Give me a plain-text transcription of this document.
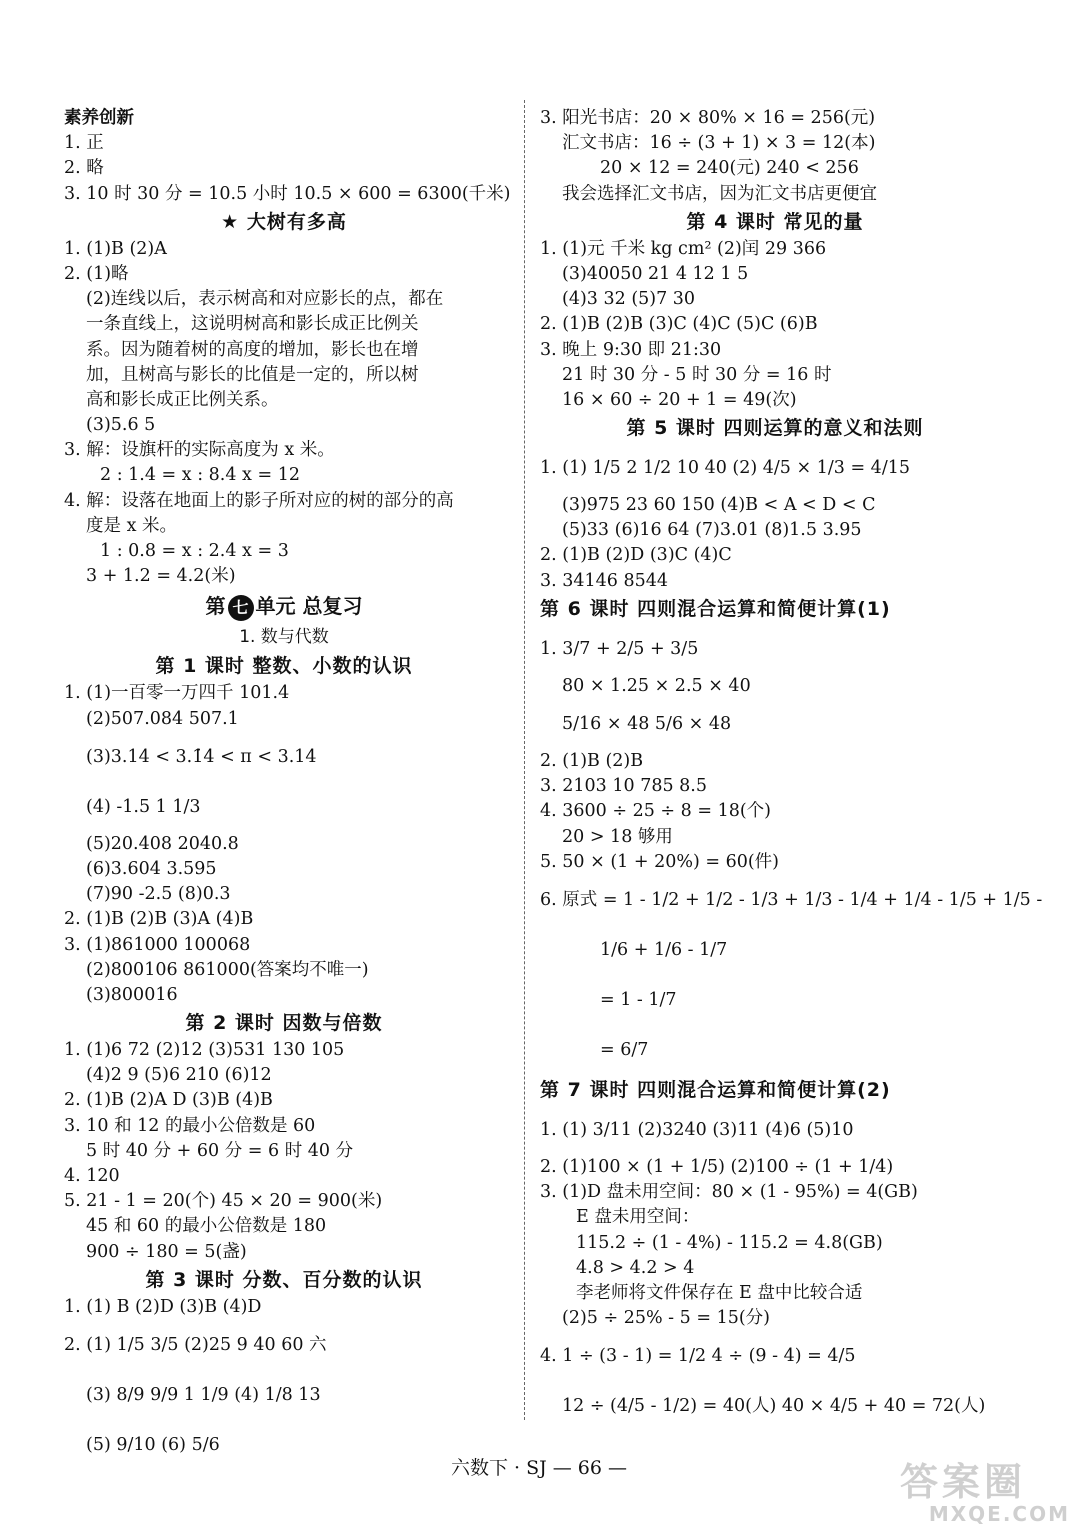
素养创新
1. 正
2. 略
3. 10 时 30 分 = 10.5 小时 10.5 × 600 = 6300(千米)
★ 大树有多高
1. (1)B (2)A
2. (1)略
(2)连线以后，表示树高和对应影长的点，都在
一条直线上，这说明树高和影长成正比例关
系。因为随着树的高度的增加，影长也在增
加，且树高与影长的比值是一定的，所以树
高和影长成正比例关系。
(3)5.6 5
3. 解：设旗杆的实际高度为 x 米。
2 : 1.4 = x : 8.4 x = 12
4. 解：设落在地面上的影子所对应的树的部分的高
度是 x 米。
1 : 0.8 = x : 2.4 x = 3
3 + 1.2 = 4.2(米)
第 七 单元 总复习
1. 数与代数
第 1 课时 整数、小数的认识
1. (1)一百零一万四千 101.4
(2)507.084 507.1
(3)3.14 < 3.1̇4̇ < π < 3.14̇
(4) -1.5 1 1/3
(5)20.408 2040.8
(6)3.604 3.595
(7)90 -2.5 (8)0.3
2. (1)B (2)B (3)A (4)B
3. (1)861000 100068
(2)800106 861000(答案均不唯一)
(3)800016
第 2 课时 因数与倍数
1. (1)6 72 (2)12 (3)531 130 105
(4)2 9 (5)6 210 (6)12
2. (1)B (2)A D (3)B (4)B
3. 10 和 12 的最小公倍数是 60
5 时 40 分 + 60 分 = 6 时 40 分
4. 120
5. 21 - 1 = 20(个) 45 × 20 = 900(米)
45 和 60 的最小公倍数是 180
900 ÷ 180 = 5(盏)
第 3 课时 分数、百分数的认识
1. (1) B (2)D (3)B (4)D
2. (1) 1/5 3/5 (2)25 9 40 60 六
(3) 8/9 9/9 1 1/9 (4) 1/8 13
(5) 9/10 (6) 5/6
3. 阳光书店：20 × 80% × 16 = 256(元)
汇文书店：16 ÷ (3 + 1) × 3 = 12(本)
20 × 12 = 240(元) 240 < 256
我会选择汇文书店，因为汇文书店更便宜
第 4 课时 常见的量
1. (1)元 千米 kg cm² (2)闰 29 366
(3)40050 21 4 12 1 5
(4)3 32 (5)7 30
2. (1)B (2)B (3)C (4)C (5)C (6)B
3. 晚上 9:30 即 21:30
21 时 30 分 - 5 时 30 分 = 16 时
16 × 60 ÷ 20 + 1 = 49(次)
第 5 课时 四则运算的意义和法则
1. (1) 1/5 2 1/2 10 40 (2) 4/5 × 1/3 = 4/15
(3)975 23 60 150 (4)B < A < D < C
(5)33 (6)16 64 (7)3.01 (8)1.5 3.95
2. (1)B (2)D (3)C (4)C
3. 34146 8544
第 6 课时 四则混合运算和简便计算(1)
1. 3/7 + 2/5 + 3/5
80 × 1.25 × 2.5 × 40
5/16 × 48 5/6 × 48
2. (1)B (2)B
3. 2103 10 785 8.5
4. 3600 ÷ 25 ÷ 8 = 18(个)
20 > 18 够用
5. 50 × (1 + 20%) = 60(件)
6. 原式 = 1 - 1/2 + 1/2 - 1/3 + 1/3 - 1/4 + 1/4 - 1/5 + 1/5 -
1/6 + 1/6 - 1/7
= 1 - 1/7
= 6/7
第 7 课时 四则混合运算和简便计算(2)
1. (1) 3/11 (2)3240 (3)11 (4)6 (5)10
2. (1)100 × (1 + 1/5) (2)100 ÷ (1 + 1/4)
3. (1)D 盘未用空间：80 × (1 - 95%) = 4(GB)
E 盘未用空间：
115.2 ÷ (1 - 4%) - 115.2 = 4.8(GB)
4.8 > 4.2 > 4
李老师将文件保存在 E 盘中比较合适
(2)5 ÷ 25% - 5 = 15(分)
4. 1 ÷ (3 - 1) = 1/2 4 ÷ (9 - 4) = 4/5
12 ÷ (4/5 - 1/2) = 40(人) 40 × 4/5 + 40 = 72(人)
六数下 · SJ — 66 —	答案圈
MXQE.COM
